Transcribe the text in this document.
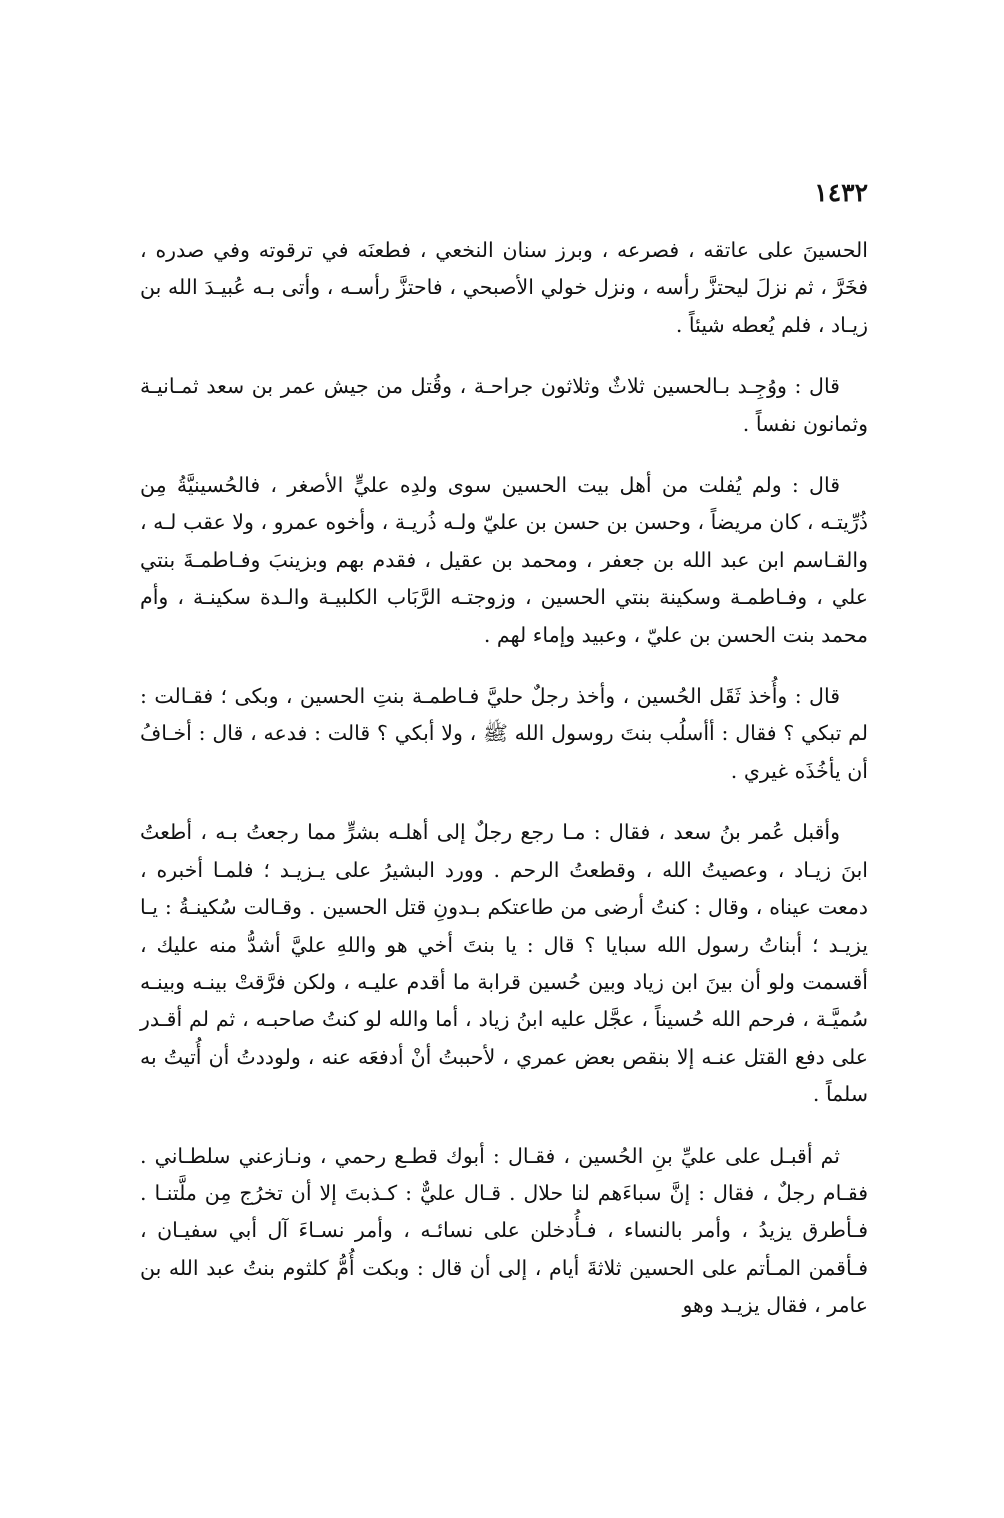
١٤٣٢

الحسينَ على عاتقه ، فصرعه ، وبرز سنان النخعي ، فطعنَه في ترقوته وفي صدره ، فخَرَّ ، ثم نزلَ ليحتزَّ رأسه ، ونزل خولي الأصبحي ، فاحتزَّ رأسـه ، وأتى بـه عُبيـدَ الله بن زيـاد ، فلم يُعطه شيئاً .

قال : ووُجِـد بـالحسين ثلاثٌ وثلاثون جراحـة ، وقُتل من جيش عمر بن سعد ثمـانيـة وثمانون نفساً .

قال : ولم يُفلت من أهل بيت الحسين سوى ولدِه عليٍّ الأصغر ، فالحُسينيَّةُ مِن ذُرِّيتـه ، كان مريضاً ، وحسن بن حسن بن عليّ ولـه ذُريـة ، وأخوه عمرو ، ولا عقب لـه ، والقـاسم ابن عبد الله بن جعفر ، ومحمد بن عقيل ، فقدم بهم وبزينبَ وفـاطمـةَ بنتي علي ، وفـاطمـة وسكينة بنتي الحسين ، وزوجتـه الرَّبَاب الكلبيـة والـدة سكينـة ، وأم محمد بنت الحسن بن عليّ ، وعبيد وإماء لهم .

قال : وأُخذ ثَقَل الحُسين ، وأخذ رجلٌ حليَّ فـاطمـة بنتِ الحسين ، وبكى ؛ فقـالت : لم تبكي ؟ فقال : أأسلُب بنتَ روسول الله ﷺ ، ولا أبكي ؟ قالت : فدعه ، قال : أخـافُ أن يأخُذَه غيري .

وأقبل عُمر بنُ سعد ، فقال : مـا رجع رجلٌ إلى أهلـه بشرٍّ مما رجعتُ بـه ، أطعتُ ابنَ زيـاد ، وعصيتُ الله ، وقطعتُ الرحم . وورد البشيرُ على يـزيـد ؛ فلمـا أخبره ، دمعت عيناه ، وقال : كنتُ أرضى من طاعتكم بـدونِ قتل الحسين . وقـالت سُكينـةُ : يـا يزيـد ؛ أبناتُ رسول الله سبايا ؟ قال : يا بنتَ أخي هو واللهِ عليَّ أشدُّ منه عليك ، أقسمت ولو أن بينَ ابن زياد وبين حُسين قرابة ما أقدم عليـه ، ولكن فرَّقتْ بينـه وبينـه سُميَّـة ، فرحم الله حُسيناً ، عجَّل عليه ابنُ زياد ، أما والله لو كنتُ صاحبـه ، ثم لم أقـدر على دفع القتل عنـه إلا بنقص بعض عمري ، لأحببتُ أنْ أدفعَه عنه ، ولوددتُ أن أُتيتُ به سلماً .

ثم أقبـل على عليِّ بنِ الحُسين ، فقـال : أبوك قطـع رحمي ، ونـازعني سلطـاني . فقـام رجلٌ ، فقال : إنَّ سباءَهم لنا حلال . قـال عليٌّ : كـذبتَ إلا أن تخرُج مِن ملَّتنـا . فـأطرق يزيدُ ، وأمر بالنساء ، فـأُدخلن على نسائـه ، وأمر نسـاءَ آل أبي سفيـان ، فـأقمن المـأتم على الحسين ثلاثةَ أيام ، إلى أن قال : وبكت أُمُّ كلثوم بنتُ عبد الله بن عامر ، فقال يزيـد وهو
